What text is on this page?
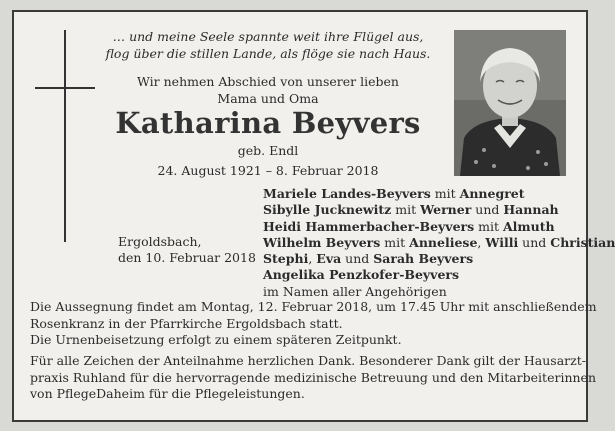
… und meine Seele spannte weit ihre Flügel aus,
flog über die stillen Lande, als flöge sie nach Haus.
Wir nehmen Abschied von unserer lieben
Mama und Oma
Katharina Beyvers
geb. Endl
24. August 1921 – 8. Februar 2018
Ergoldsbach,
den 10. Februar 2018
Mariele Landes-Beyvers mit Annegret
Sibylle Jucknewitz mit Werner und Hannah
Heidi Hammerbacher-Beyvers mit Almuth
Wilhelm Beyvers mit Anneliese, Willi und Christian
Stephi, Eva und Sarah Beyvers
Angelika Penzkofer-Beyvers
im Namen aller Angehörigen
Die Aussegnung findet am Montag, 12. Februar 2018, um 17.45 Uhr mit anschließendem
Rosenkranz in der Pfarrkirche Ergoldsbach statt.
Die Urnenbeisetzung erfolgt zu einem späteren Zeitpunkt.
Für alle Zeichen der Anteilnahme herzlichen Dank. Besonderer Dank gilt der Hausarzt-
praxis Ruhland für die hervorragende medizinische Betreuung und den Mitarbeiterinnen
von PflegeDaheim für die Pflegeleistungen.
